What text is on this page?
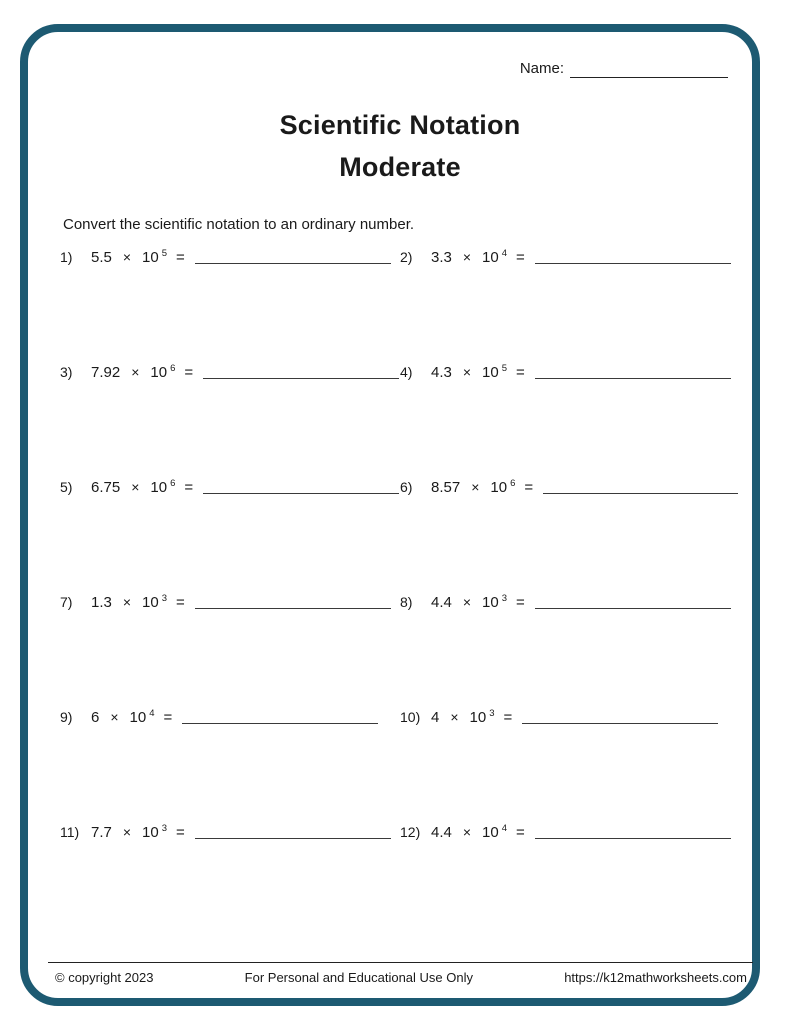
Name:
Scientific Notation
Moderate
Convert the scientific notation to an ordinary number.
1)	5.5 × 10 5 =	2)	3.3 × 10 4 =
3)	7.92 × 10 6 =	4)	4.3 × 10 5 =
5)	6.75 × 10 6 =	6)	8.57 × 10 6 =
7)	1.3 × 10 3 =	8)	4.4 × 10 3 =
9)	6 × 10 4 =	10) 4 × 10 3 =
11) 7.7 × 10 3 =	12) 4.4 × 10 4 =
© copyright 2023	For Personal and Educational Use Only	https://k12mathworksheets.com
